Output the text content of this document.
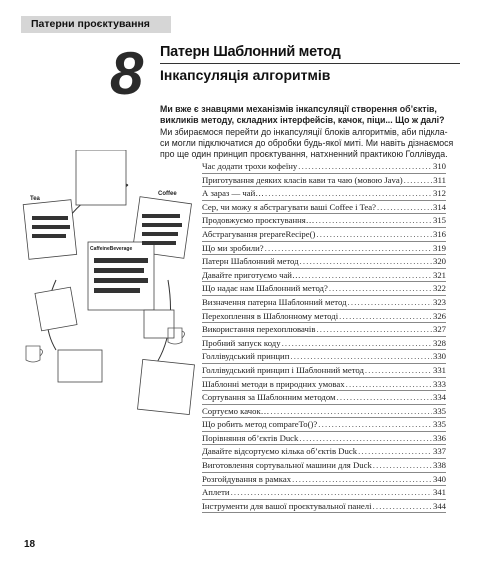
Патерни проєктування
8 Патерн Шаблонний метод
Інкапсуляція алгоритмів
Ми вже є знавцями механізмів інкапсуляції створення об’єктів,
викликів методу, складних інтерфейсів, качок, піци... Що ж далі?
Ми збираємося перейти до інкапсуляції блоків алгоритмів, аби підкла-
си могли підключатися до обробки будь-якої миті. Ми навіть дізнаємося
про ще один принцип проєктування, натхненний практикою Голлівуда.
Tea
Coffee
CaffeineBeverage
Час додати трохи кофеїну . . .	310
Приготування деяких класів кави та чаю (мовою Java) . . .	311
А зараз — чай… . . .	312
Сер, чи можу я абстрагувати ваші Coffee і Tea? . . .	314
Продовжуємо проєктування… . . .	315
Абстрагування prepareRecipe() . . .	316
Що ми зробили? . . .	319
Патерн Шаблонний метод . . .	320
Давайте приготуємо чай… . . .	321
Що надає нам Шаблонний метод? . . .	322
Визначення патерна Шаблонний метод . . .	323
Перехоплення в Шаблонному методі . . .	326
Використання перехоплювачів . . .	327
Пробний запуск коду . . .	328
Голлівудський принцип . . .	330
Голлівудський принцип і Шаблонний метод . . .	331
Шаблонні методи в природних умовах . . .	333
Сортування за Шаблонним методом . . .	334
Сортуємо качок… . . .	335
Що робить метод compareTo()? . . .	335
Порівняння об’єктів Duck . . .	336
Давайте відсортуємо кілька об’єктів Duck . . .	337
Виготовлення сортувальної машини для Duck . . .	338
Розгойдування в рамках . . .	340
Аплети . . .	341
Інструменти для вашої проєктувальної панелі . . .	344
18
